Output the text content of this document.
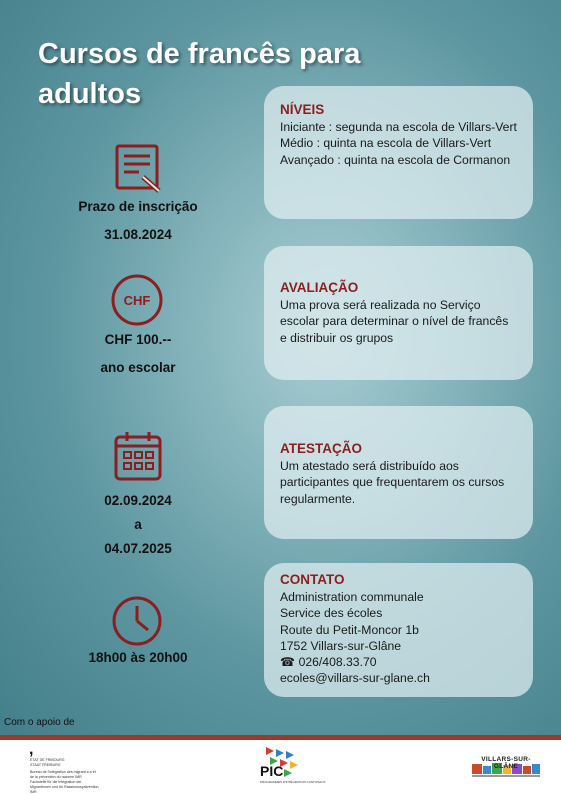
Cursos de francês para adultos	NÍVEIS
Iniciante : segunda na escola de Villars-Vert
Médio : quinta na escola de Villars-Vert
Avançado : quinta na escola de Cormanon
AVALIAÇÃO
Uma prova será realizada no Serviço escolar para determinar o nível de francês e distribuir os grupos
ATESTAÇÃO
Um atestado será distribuído aos participantes que frequentarem os cursos regularmente.
CONTATO
Administration communale
Service des écoles
Route du Petit-Moncor 1b
1752 Villars-sur-Glâne
☎ 026/408.33.70
ecoles@villars-sur-glane.ch
Prazo de inscrição
31.08.2024
CHF
CHF 100.--
ano escolar
02.09.2024
a
04.07.2025
18h00 às 20h00
Com o apoio de
,
ETAT DE FRIBOURG
STAAT FREIBURG
Bureau de l'intégration des migrant-e-s et de la prévention du racisme IMR
Fachstelle für die Integration der MigrantInnen und für Rassismusprävention IMR
PIC
PROGRAMMES D'INTÉGRATION CANTONAUX
VILLARS-SUR-GLÂNE
